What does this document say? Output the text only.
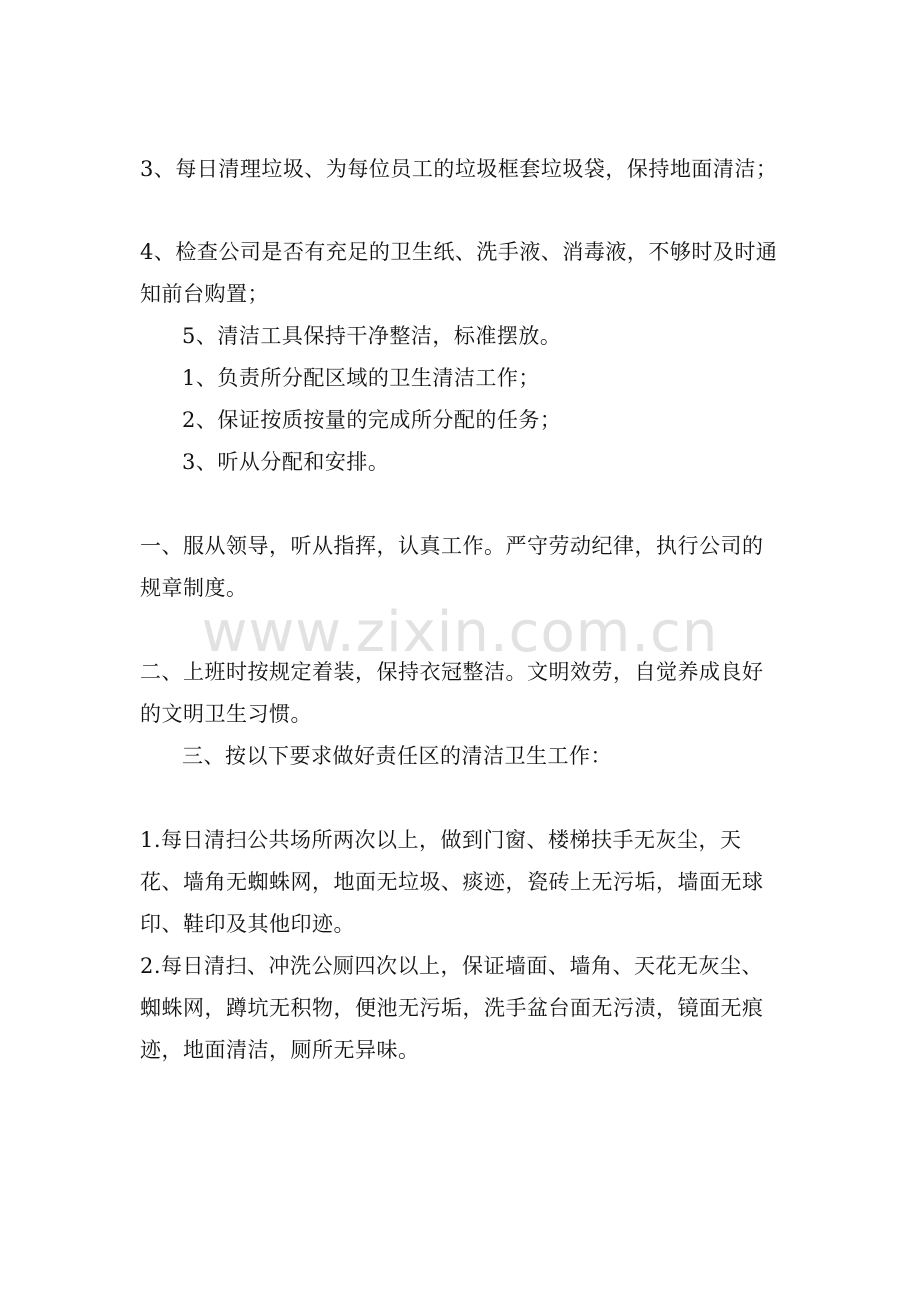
3、每日清理垃圾、为每位员工的垃圾框套垃圾袋，保持地面清洁；
4、检查公司是否有充足的卫生纸、洗手液、消毒液，不够时及时通知前台购置；
5、清洁工具保持干净整洁，标准摆放。
1、负责所分配区域的卫生清洁工作；
2、保证按质按量的完成所分配的任务；
3、听从分配和安排。
一、服从领导，听从指挥，认真工作。严守劳动纪律，执行公司的规章制度。
www.zixin.com.cn
二、上班时按规定着装，保持衣冠整洁。文明效劳，自觉养成良好的文明卫生习惯。
三、按以下要求做好责任区的清洁卫生工作：
1.每日清扫公共场所两次以上，做到门窗、楼梯扶手无灰尘，天花、墙角无蜘蛛网，地面无垃圾、痰迹，瓷砖上无污垢，墙面无球印、鞋印及其他印迹。
2.每日清扫、冲洗公厕四次以上，保证墙面、墙角、天花无灰尘、蜘蛛网，蹲坑无积物，便池无污垢，洗手盆台面无污渍，镜面无痕迹，地面清洁，厕所无异味。
